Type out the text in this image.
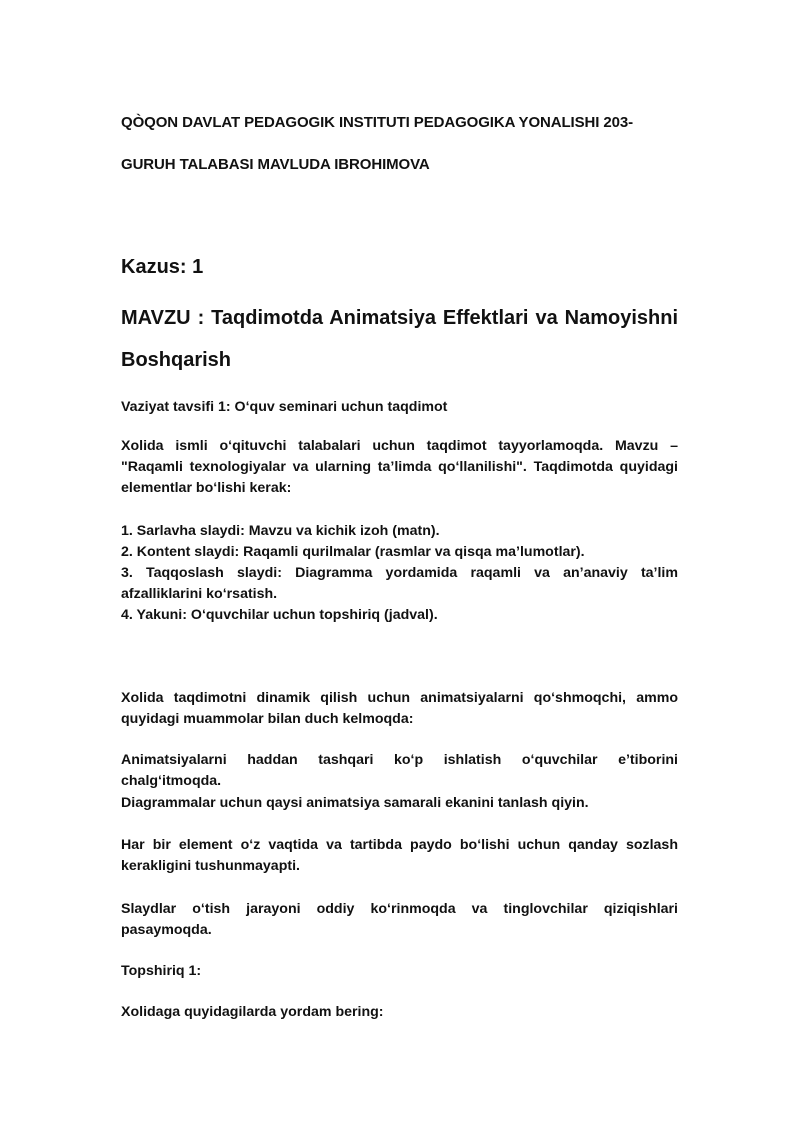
QÒQON DAVLAT PEDAGOGIK INSTITUTI PEDAGOGIKA YONALISHI 203-

GURUH TALABASI MAVLUDA IBROHIMOVA

Kazus: 1
MAVZU : Taqdimotda Animatsiya Effektlari va Namoyishni Boshqarish

Vaziyat tavsifi 1: O‘quv seminari uchun taqdimot

Xolida ismli o‘qituvchi talabalari uchun taqdimot tayyorlamoqda. Mavzu – "Raqamli texnologiyalar va ularning ta’limda qo‘llanilishi". Taqdimotda quyidagi elementlar bo‘lishi kerak:

1. Sarlavha slaydi: Mavzu va kichik izoh (matn).

2. Kontent slaydi: Raqamli qurilmalar (rasmlar va qisqa ma’lumotlar).

3. Taqqoslash slaydi: Diagramma yordamida raqamli va an’anaviy ta’lim afzalliklarini ko‘rsatish.

4. Yakuni: O‘quvchilar uchun topshiriq (jadval).

Xolida taqdimotni dinamik qilish uchun animatsiyalarni qo‘shmoqchi, ammo quyidagi muammolar bilan duch kelmoqda:

Animatsiyalarni haddan tashqari ko‘p ishlatish o‘quvchilar e’tiborini chalg‘itmoqda.

Diagrammalar uchun qaysi animatsiya samarali ekanini tanlash qiyin.

Har bir element o‘z vaqtida va tartibda paydo bo‘lishi uchun qanday sozlash kerakligini tushunmayapti.

Slaydlar o‘tish jarayoni oddiy ko‘rinmoqda va tinglovchilar qiziqishlari pasaymoqda.

Topshiriq 1:

Xolidaga quyidagilarda yordam bering:
